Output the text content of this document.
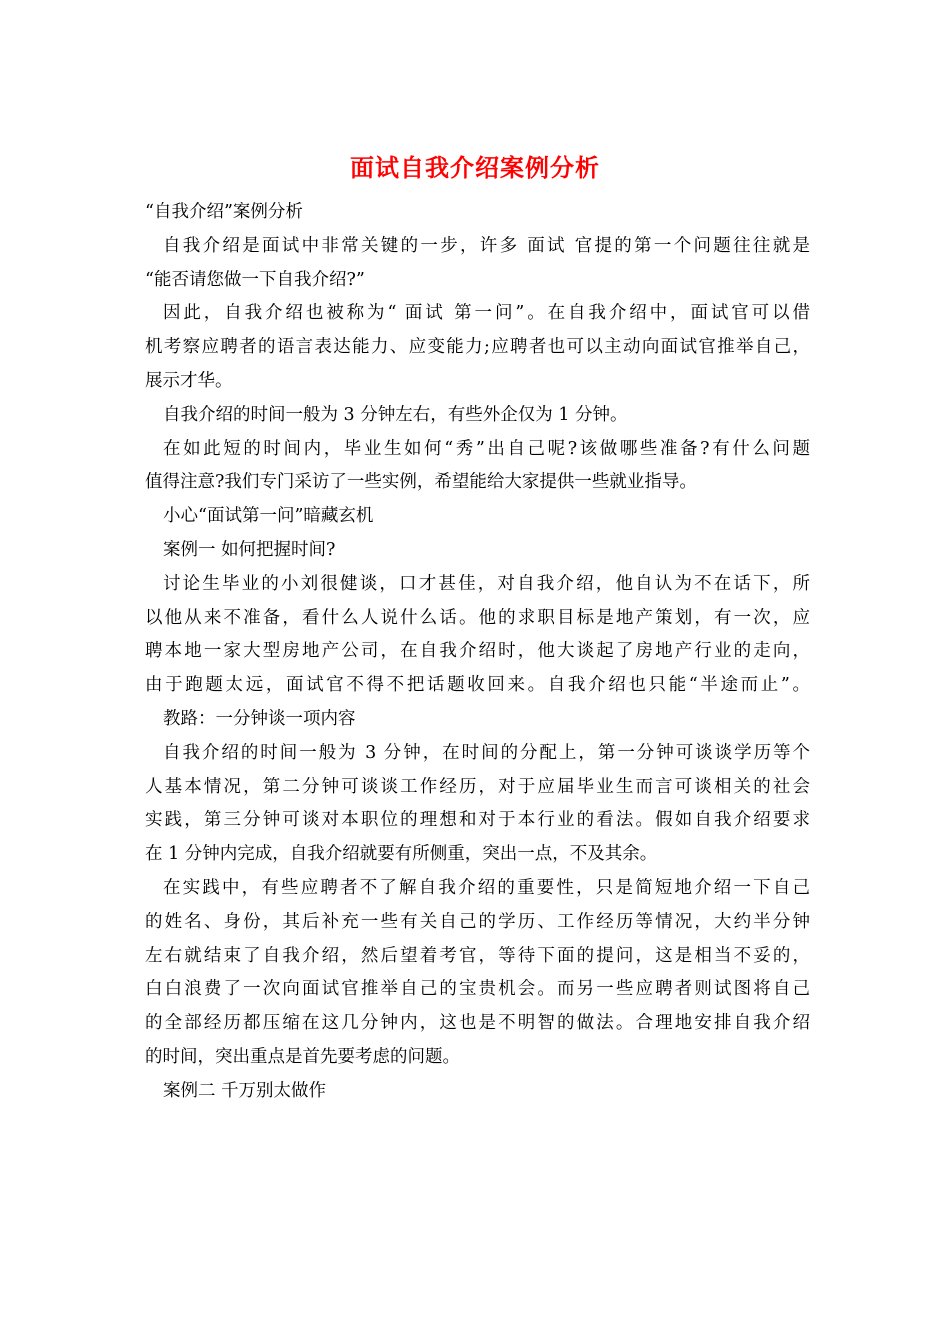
面试自我介绍案例分析
“自我介绍”案例分析
自我介绍是面试中非常关键的一步，许多 面试 官提的第一个问题往往就是
“能否请您做一下自我介绍?”
因此，自我介绍也被称为“ 面试 第一问”。在自我介绍中，面试官可以借
机考察应聘者的语言表达能力、应变能力;应聘者也可以主动向面试官推举自己，
展示才华。
自我介绍的时间一般为 3 分钟左右，有些外企仅为 1 分钟。
在如此短的时间内，毕业生如何“秀”出自己呢?该做哪些准备?有什么问题
值得注意?我们专门采访了一些实例，希望能给大家提供一些就业指导。
小心“面试第一问”暗藏玄机
案例一 如何把握时间?
讨论生毕业的小刘很健谈，口才甚佳，对自我介绍，他自认为不在话下，所
以他从来不准备，看什么人说什么话。他的求职目标是地产策划，有一次，应
聘本地一家大型房地产公司，在自我介绍时，他大谈起了房地产行业的走向，
由于跑题太远，面试官不得不把话题收回来。自我介绍也只能“半途而止”。
教路：一分钟谈一项内容
自我介绍的时间一般为 3 分钟，在时间的分配上，第一分钟可谈谈学历等个
人基本情况，第二分钟可谈谈工作经历，对于应届毕业生而言可谈相关的社会
实践，第三分钟可谈对本职位的理想和对于本行业的看法。假如自我介绍要求
在 1 分钟内完成，自我介绍就要有所侧重，突出一点，不及其余。
在实践中，有些应聘者不了解自我介绍的重要性，只是简短地介绍一下自己
的姓名、身份，其后补充一些有关自己的学历、工作经历等情况，大约半分钟
左右就结束了自我介绍，然后望着考官，等待下面的提问，这是相当不妥的，
白白浪费了一次向面试官推举自己的宝贵机会。而另一些应聘者则试图将自己
的全部经历都压缩在这几分钟内，这也是不明智的做法。合理地安排自我介绍
的时间，突出重点是首先要考虑的问题。
案例二 千万别太做作
